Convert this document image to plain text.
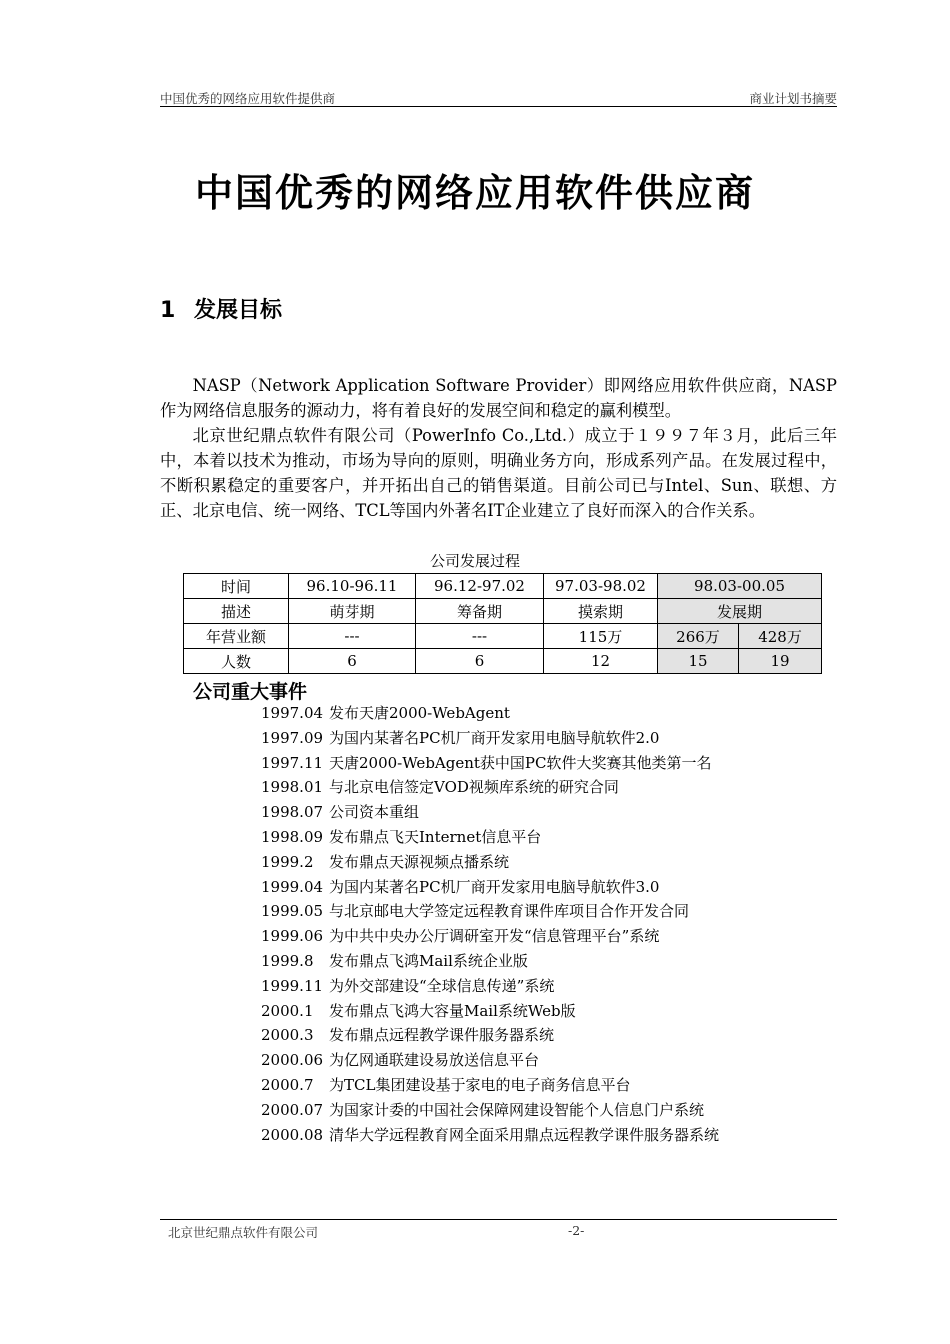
中国优秀的网络应用软件提供商	商业计划书摘要
中国优秀的网络应用软件供应商
1 发展目标

NASP（Network Application Software Provider）即网络应用软件供应商，NASP作为网络信息服务的源动力，将有着良好的发展空间和稳定的赢利模型。

北京世纪鼎点软件有限公司（PowerInfo Co.,Ltd.）成立于１９９７年３月，此后三年中，本着以技术为推动，市场为导向的原则，明确业务方向，形成系列产品。在发展过程中，不断积累稳定的重要客户，并开拓出自己的销售渠道。目前公司已与Intel、Sun、联想、方正、北京电信、统一网络、TCL等国内外著名IT企业建立了良好而深入的合作关系。

公司发展过程
时间	96.10-96.11	96.12-97.02	97.03-98.02	98.03-00.05	
描述	萌芽期	筹备期	摸索期	发展期	
年营业额	---	---	115万	266万	428万
人数	6	6	12	15	19
公司重大事件
1997.04 发布天唐2000-WebAgent
1997.09 为国内某著名PC机厂商开发家用电脑导航软件2.0
1997.11 天唐2000-WebAgent获中国PC软件大奖赛其他类第一名
1998.01 与北京电信签定VOD视频库系统的研究合同
1998.07 公司资本重组
1998.09 发布鼎点飞天Internet信息平台
1999.2 发布鼎点天源视频点播系统
1999.04 为国内某著名PC机厂商开发家用电脑导航软件3.0
1999.05 与北京邮电大学签定远程教育课件库项目合作开发合同
1999.06 为中共中央办公厅调研室开发“信息管理平台”系统
1999.8 发布鼎点飞鸿Mail系统企业版
1999.11 为外交部建设“全球信息传递”系统
2000.1 发布鼎点飞鸿大容量Mail系统Web版
2000.3 发布鼎点远程教学课件服务器系统
2000.06 为亿网通联建设易放送信息平台
2000.7 为TCL集团建设基于家电的电子商务信息平台
2000.07 为国家计委的中国社会保障网建设智能个人信息门户系统
2000.08 清华大学远程教育网全面采用鼎点远程教学课件服务器系统
北京世纪鼎点软件有限公司	-2-
